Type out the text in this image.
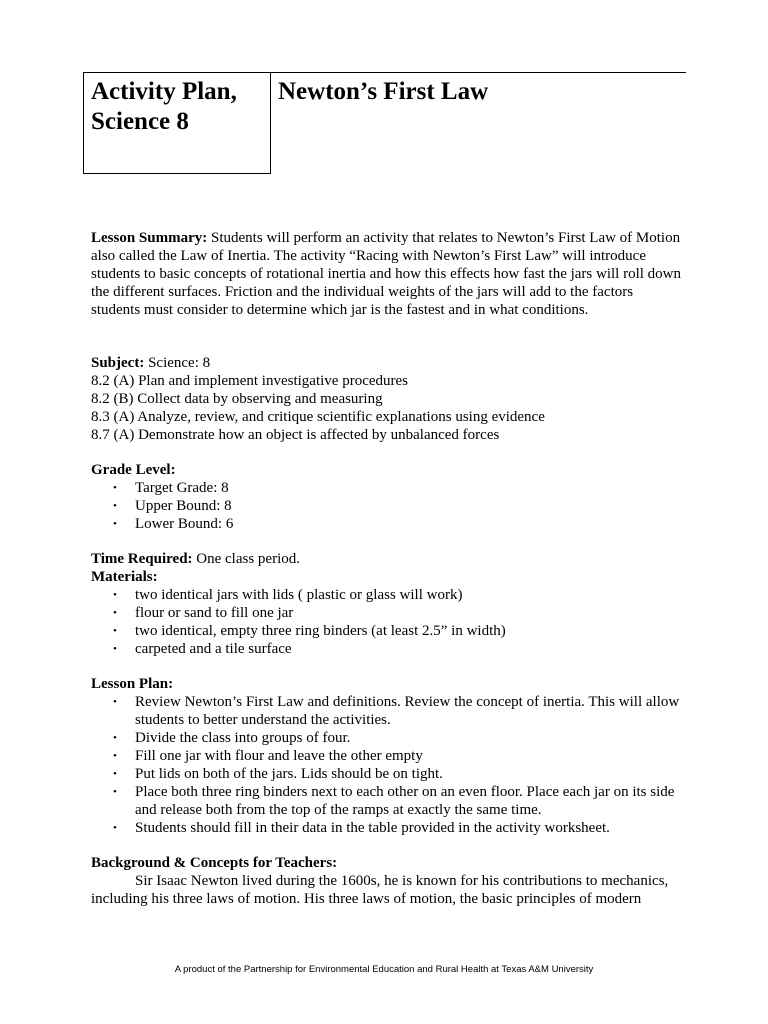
Activity Plan,
Science 8
Newton’s First Law

Lesson Summary: Students will perform an activity that relates to Newton’s First Law of Motion also called the Law of Inertia. The activity “Racing with Newton’s First Law” will introduce students to basic concepts of rotational inertia and how this effects how fast the jars will roll down the different surfaces. Friction and the individual weights of the jars will add to the factors students must consider to determine which jar is the fastest and in what conditions.

Subject: Science: 8

8.2 (A) Plan and implement investigative procedures

8.2 (B) Collect data by observing and measuring

8.3 (A) Analyze, review, and critique scientific explanations using evidence

8.7 (A) Demonstrate how an object is affected by unbalanced forces

Grade Level:

• Target Grade: 8
• Upper Bound: 8
• Lower Bound: 6

Time Required: One class period.

Materials:

• two identical jars with lids ( plastic or glass will work)
• flour or sand to fill one jar
• two identical, empty three ring binders (at least 2.5” in width)
• carpeted and a tile surface

Lesson Plan:

• Review Newton’s First Law and definitions. Review the concept of inertia. This will allow students to better understand the activities.
• Divide the class into groups of four.
• Fill one jar with flour and leave the other empty
• Put lids on both of the jars. Lids should be on tight.
• Place both three ring binders next to each other on an even floor. Place each jar on its side and release both from the top of the ramps at exactly the same time.
• Students should fill in their data in the table provided in the activity worksheet.

Background & Concepts for Teachers:

Sir Isaac Newton lived during the 1600s, he is known for his contributions to mechanics, including his three laws of motion. His three laws of motion, the basic principles of modern

A product of the Partnership for Environmental Education and Rural Health at Texas A&M University
